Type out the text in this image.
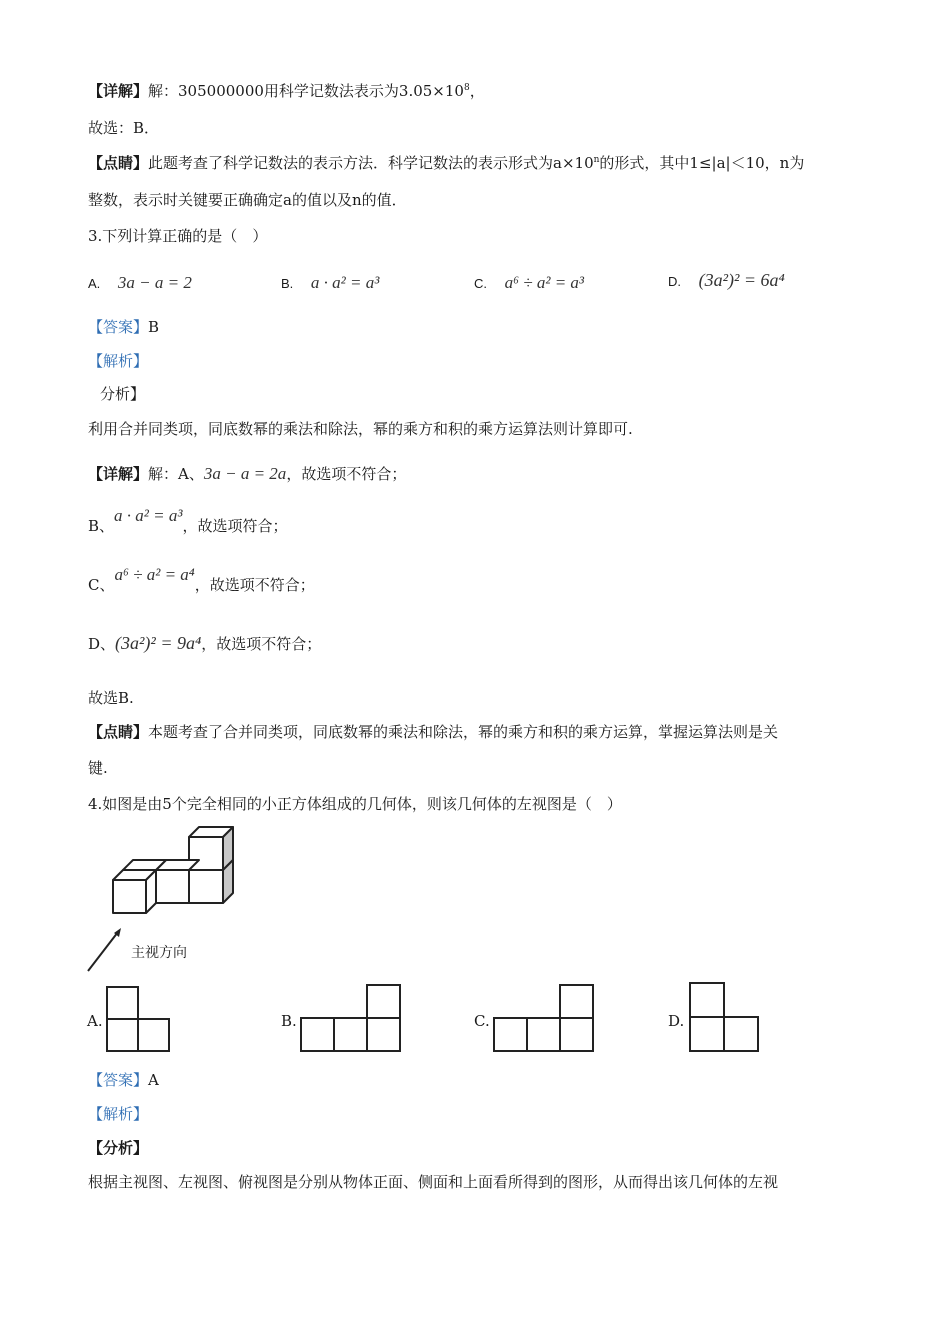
【详解】解：305000000用科学记数法表示为$3.05\times 10^8$，
故选：B．
【点睛】此题考查了科学记数法的表示方法．科学记数法的表示形式为$a\times 10^n$的形式，其中1≤|a|＜10，n为
整数，表示时关键要正确确定a的值以及n的值．
3.下列计算正确的是（　）
A. 3a − a = 2	B. a · a² = a³	C. a⁶ ÷ a² = a³	D. (3a²)² = 6a⁴
【答案】B
【解析】
分析】
利用合并同类项，同底数幂的乘法和除法，幂的乘方和积的乘方运算法则计算即可.
【详解】解：A、3a − a = 2a，故选项不符合；
B、a · a² = a³，故选项符合；
C、a⁶ ÷ a² = a⁴，故选项不符合；
D、(3a²)² = 9a⁴，故选项不符合；
故选B.
【点睛】本题考查了合并同类项，同底数幂的乘法和除法，幂的乘方和积的乘方运算，掌握运算法则是关
键.
4.如图是由5个完全相同的小正方体组成的几何体，则该几何体的左视图是（　）
主视方向
A.	B.	C.	D.
【答案】A
【解析】
【分析】
根据主视图、左视图、俯视图是分别从物体正面、侧面和上面看所得到的图形，从而得出该几何体的左视
